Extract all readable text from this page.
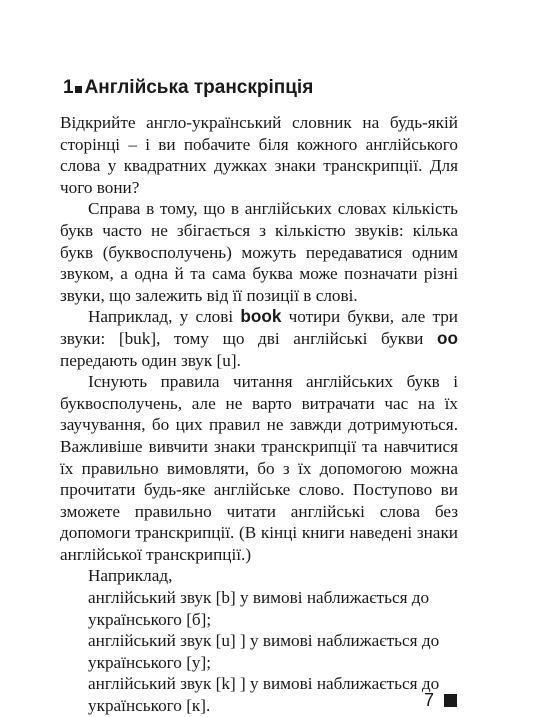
1 Англійська транскріпція

Відкрийте англо-український словник на будь-якій сторінці – і ви побачите біля кожного англійського слова у квадратних дужках знаки транскрипції. Для чого вони?

Справа в тому, що в англійських словах кількість букв часто не збігається з кількістю звуків: кілька букв (буквосполучень) можуть передаватися одним звуком, а одна й та сама буква може позначати різні звуки, що залежить від її позиції в слові.

Наприклад, у слові book чотири букви, але три звуки: [buk], тому що дві англійські букви oo передають один звук [u].

Існують правила читання англійських букв і буквосполучень, але не варто витрачати час на їх заучування, бо цих правил не завжди дотримуються. Важливіше вивчити знаки транскрипції та навчитися їх правильно вимовляти, бо з їх допомогою можна прочитати будь-яке англійське слово. Поступово ви зможете правильно читати англійські слова без допомоги транскрипції. (В кінці книги наведені знаки англійської транскрипції.)

Наприклад,

англійський звук [b] у вимові наближається до
українського [б];
англійський звук [u] ] у вимові наближається до
українського [у];
англійський звук [k] ] у вимові наближається до
українського [к].	7
